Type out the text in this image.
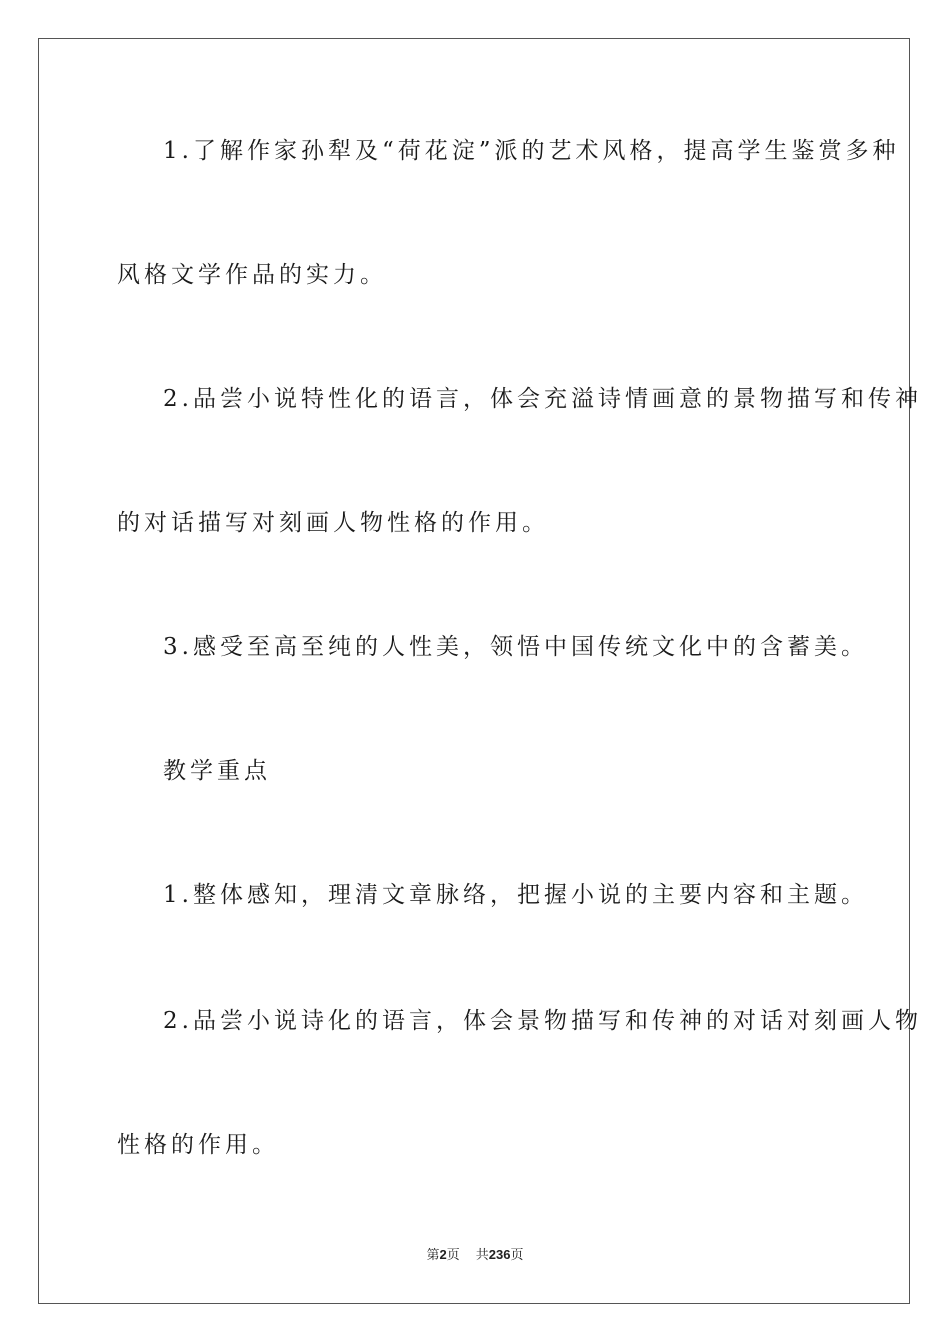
1.了解作家孙犁及“荷花淀”派的艺术风格，提高学生鉴赏多种
风格文学作品的实力。
2.品尝小说特性化的语言，体会充溢诗情画意的景物描写和传神
的对话描写对刻画人物性格的作用。
3.感受至高至纯的人性美，领悟中国传统文化中的含蓄美。
教学重点
1.整体感知，理清文章脉络，把握小说的主要内容和主题。
2.品尝小说诗化的语言，体会景物描写和传神的对话对刻画人物
性格的作用。
第2页 共236页
